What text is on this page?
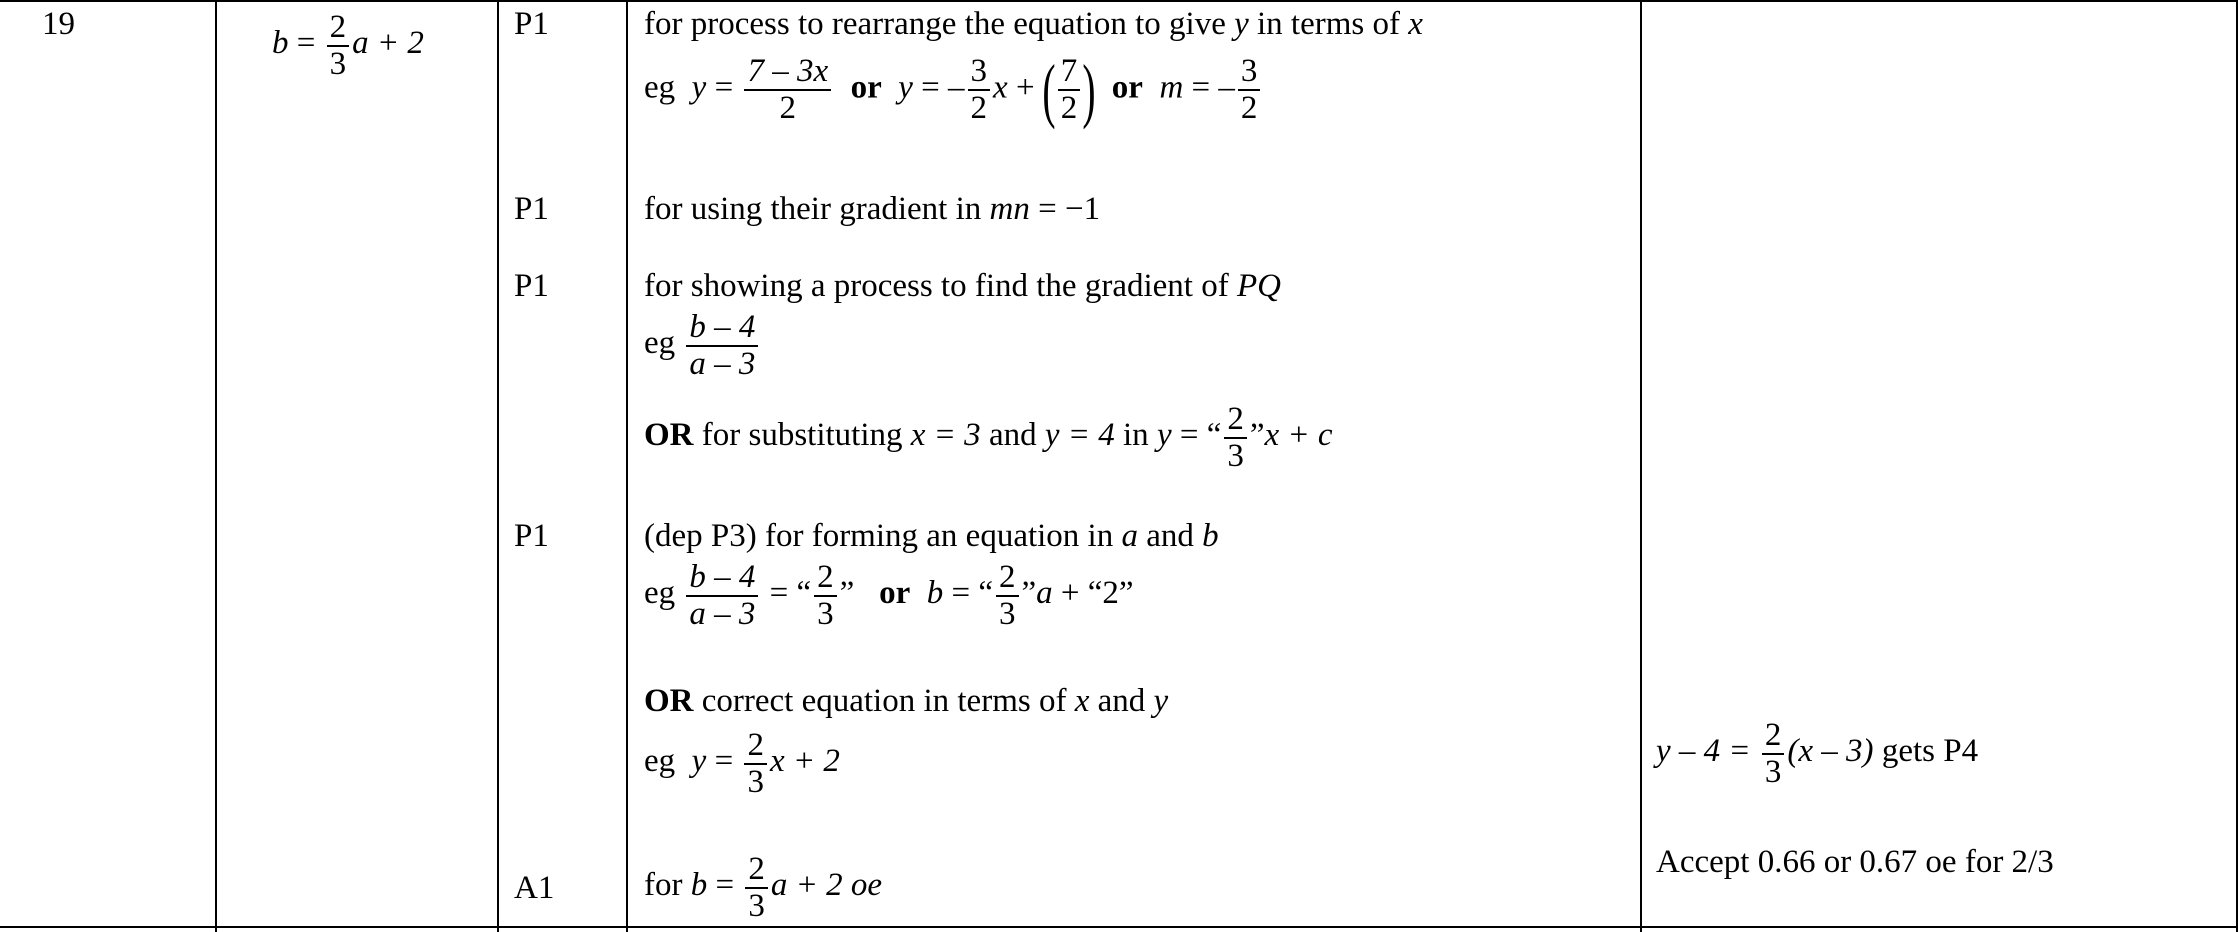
19
$b = \frac{2}{3}$ a + 2
P1
P1
P1
P1
A1
for process to rearrange the equation to give y in terms of x
eg $y = \frac{7 - 3x}{2}$ or y = – $\frac{3}{2}$ x + ( $\frac{7}{2}$ ) or m = – $\frac{3}{2}$
for using their gradient in mn = −1
for showing a process to find the gradient of PQ
eg $\frac{b - 4}{a - 3}$
OR for substituting x = 3 and y = 4 in y = “ $\frac{2}{3}$ ”x + c
(dep P3) for forming an equation in a and b
eg $\frac{b - 4}{a - 3}$ = “ $\frac{2}{3}$ ” or b = “ $\frac{2}{3}$ ”a + “2”
OR correct equation in terms of x and y
eg $y = \frac{2}{3}$ x + 2
for $b = \frac{2}{3}$ a + 2 oe
$y - 4 = \frac{2}{3} (x - 3)$ gets P4
Accept 0.66 or 0.67 oe for 2/3
